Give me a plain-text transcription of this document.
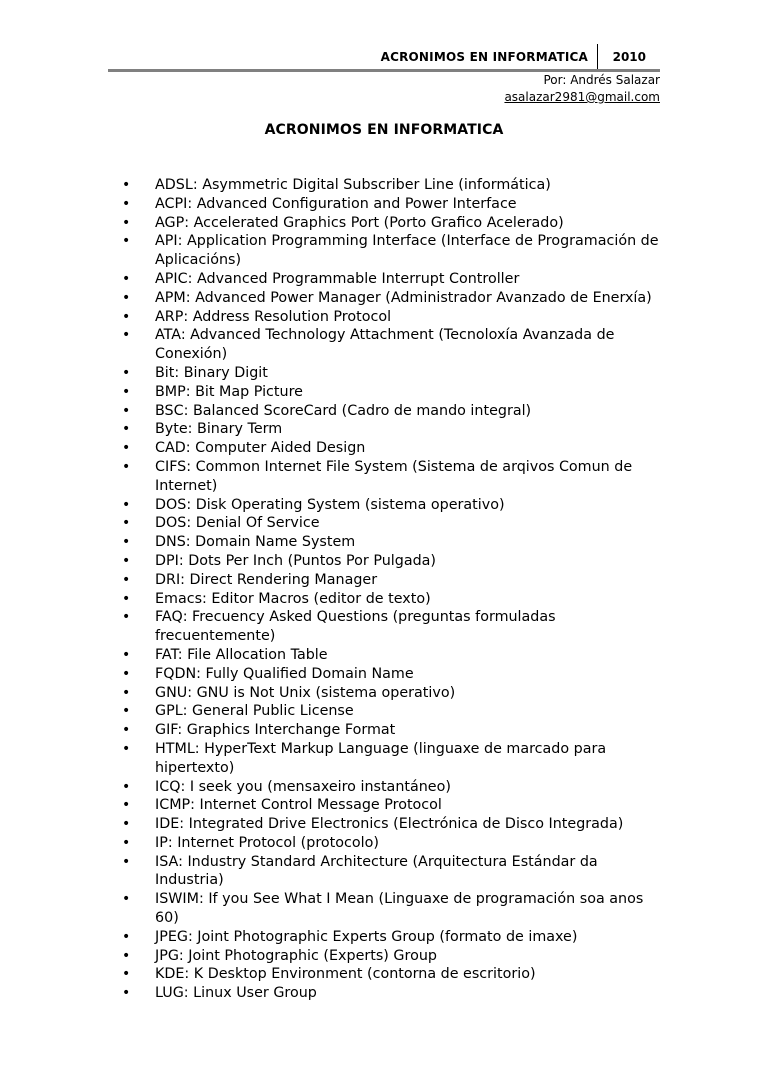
ACRONIMOS EN INFORMATICA 2010
Por: Andrés Salazar
asalazar2981@gmail.com
ACRONIMOS EN INFORMATICA
• ADSL: Asymmetric Digital Subscriber Line (informática)
• ACPI: Advanced Configuration and Power Interface
• AGP: Accelerated Graphics Port (Porto Grafico Acelerado)
• API: Application Programming Interface (Interface de Programación de Aplicacións)
• APIC: Advanced Programmable Interrupt Controller
• APM: Advanced Power Manager (Administrador Avanzado de Enerxía)
• ARP: Address Resolution Protocol
• ATA: Advanced Technology Attachment (Tecnoloxía Avanzada de Conexión)
• Bit: Binary Digit
• BMP: Bit Map Picture
• BSC: Balanced ScoreCard (Cadro de mando integral)
• Byte: Binary Term
• CAD: Computer Aided Design
• CIFS: Common Internet File System (Sistema de arqivos Comun de Internet)
• DOS: Disk Operating System (sistema operativo)
• DOS: Denial Of Service
• DNS: Domain Name System
• DPI: Dots Per Inch (Puntos Por Pulgada)
• DRI: Direct Rendering Manager
• Emacs: Editor Macros (editor de texto)
• FAQ: Frecuency Asked Questions (preguntas formuladas frecuentemente)
• FAT: File Allocation Table
• FQDN: Fully Qualified Domain Name
• GNU: GNU is Not Unix (sistema operativo)
• GPL: General Public License
• GIF: Graphics Interchange Format
• HTML: HyperText Markup Language (linguaxe de marcado para hipertexto)
• ICQ: I seek you (mensaxeiro instantáneo)
• ICMP: Internet Control Message Protocol
• IDE: Integrated Drive Electronics (Electrónica de Disco Integrada)
• IP: Internet Protocol (protocolo)
• ISA: Industry Standard Architecture (Arquitectura Estándar da Industria)
• ISWIM: If you See What I Mean (Linguaxe de programación soa anos 60)
• JPEG: Joint Photographic Experts Group (formato de imaxe)
• JPG: Joint Photographic (Experts) Group
• KDE: K Desktop Environment (contorna de escritorio)
• LUG: Linux User Group
